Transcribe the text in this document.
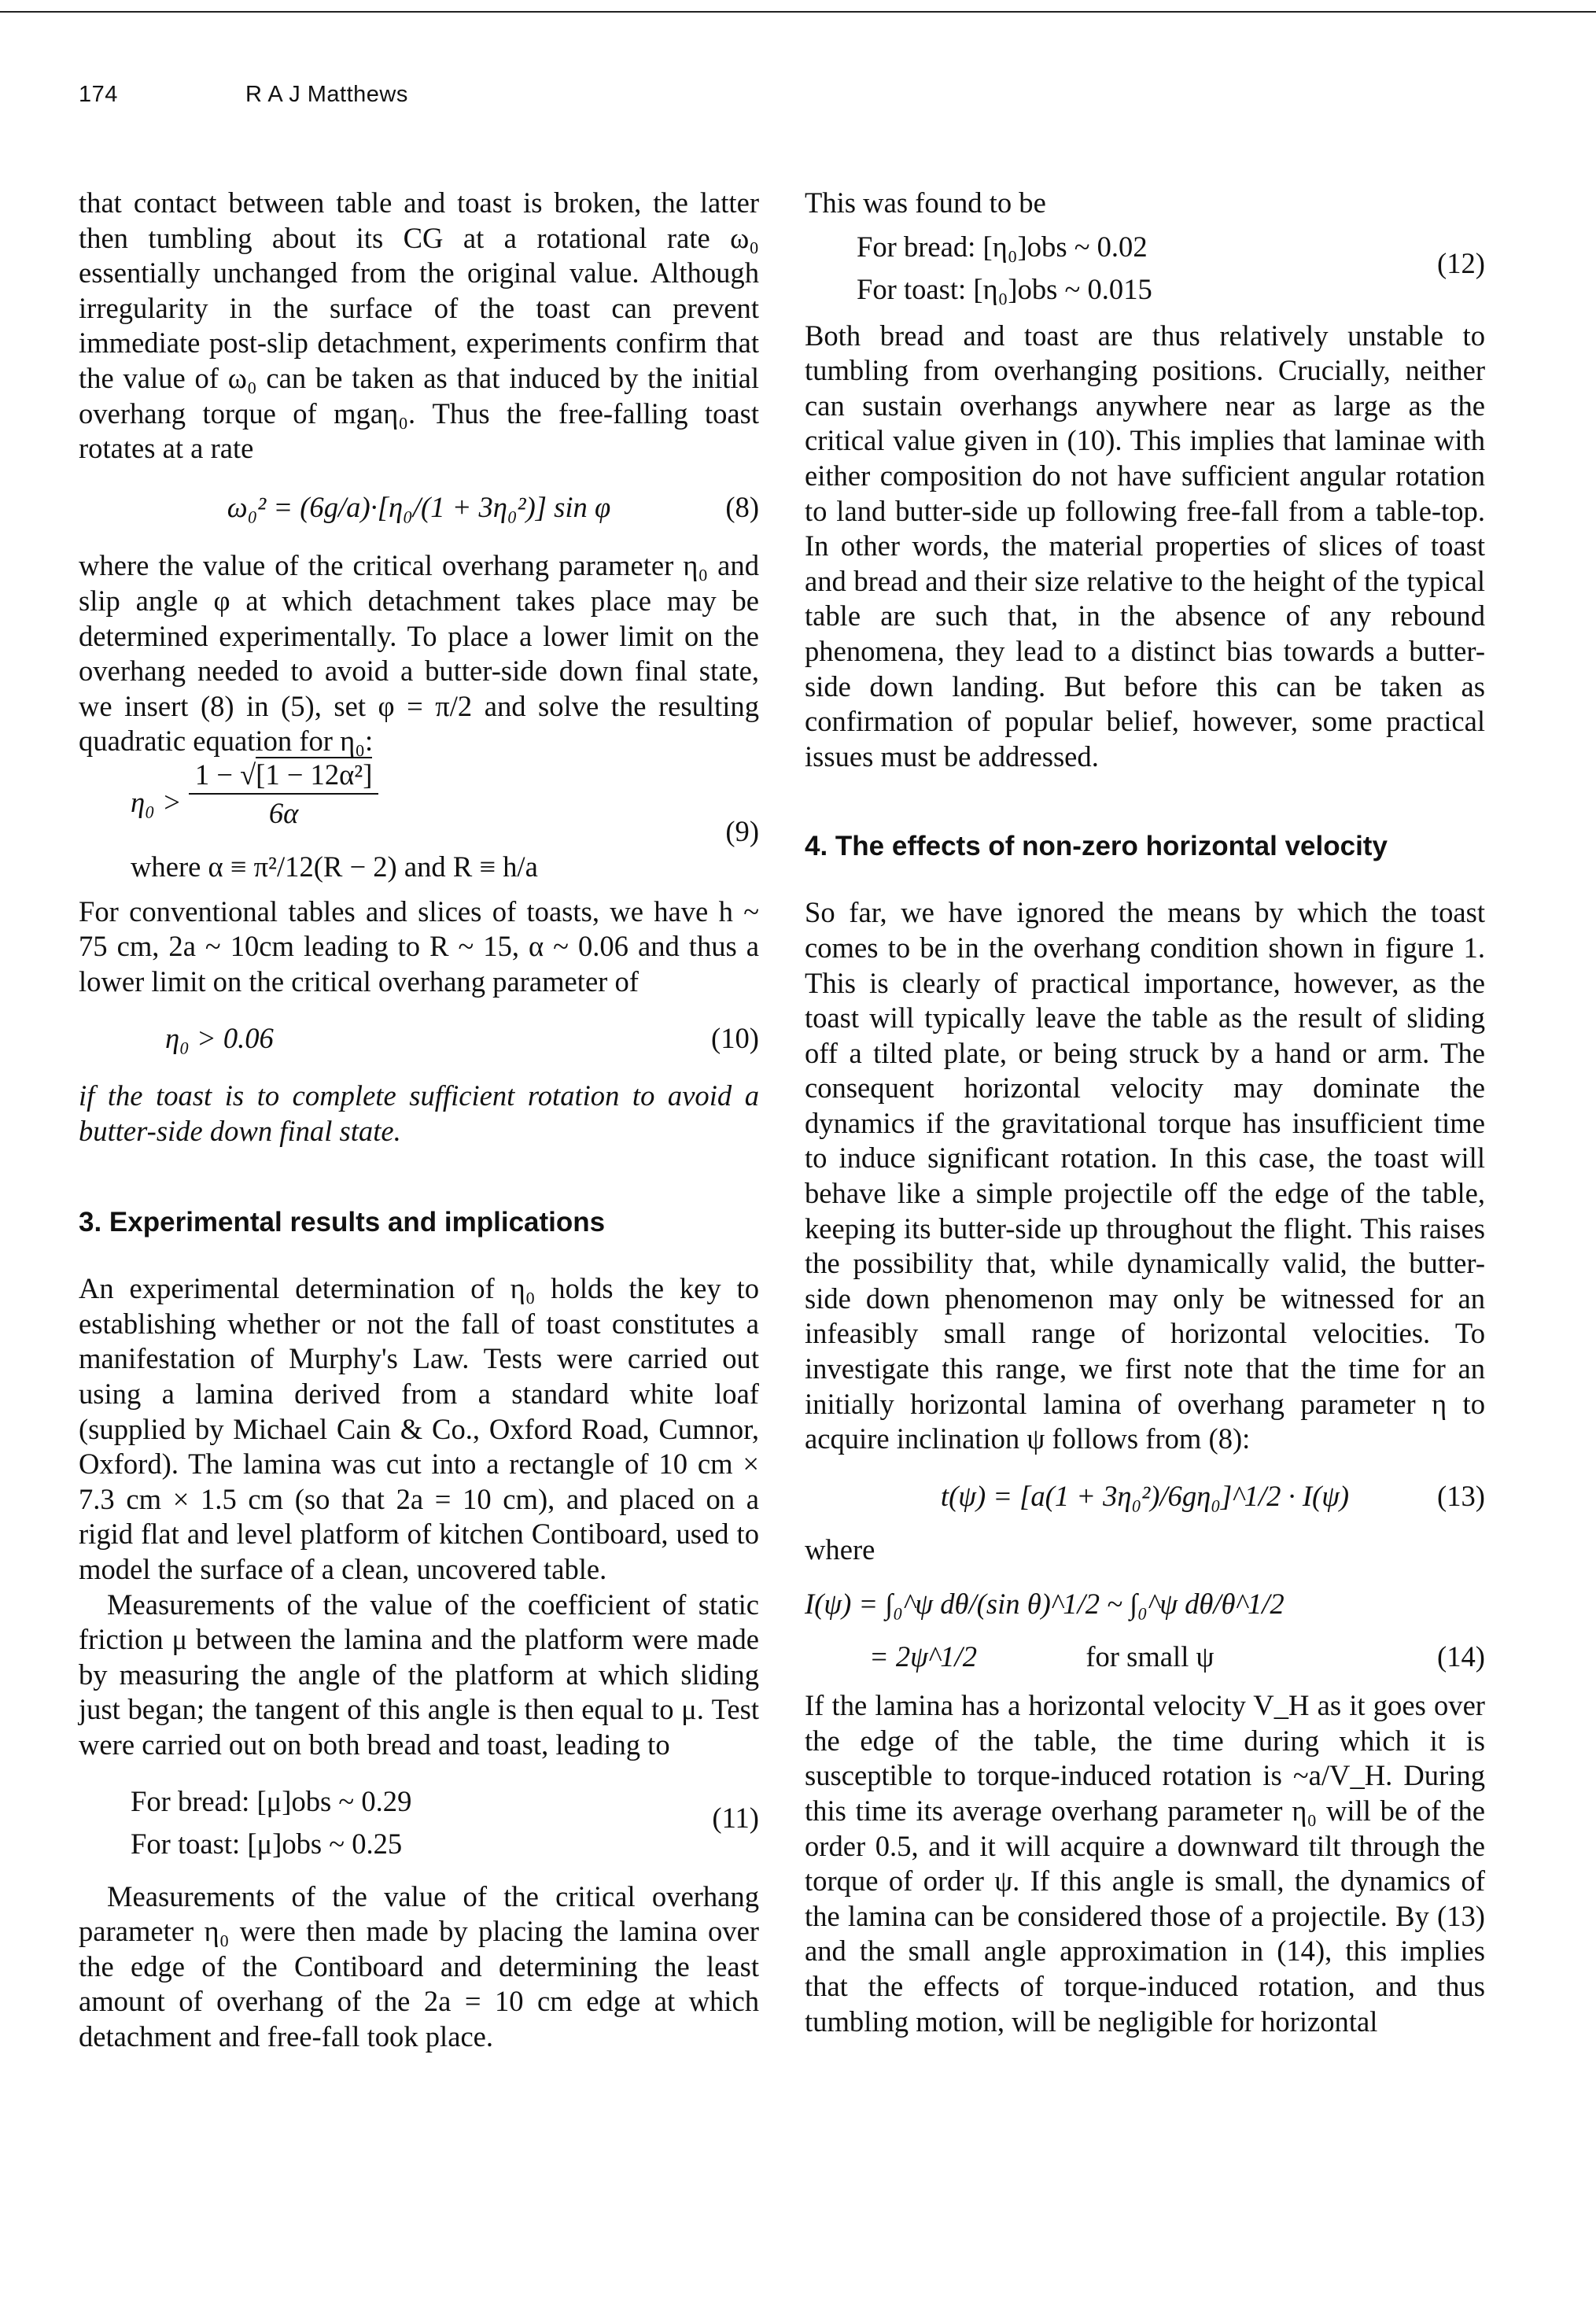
174	R A J Matthews

that contact between table and toast is broken, the latter then tumbling about its CG at a rotational rate ω₀ essentially unchanged from the original value. Although irregularity in the surface of the toast can prevent immediate post-slip detachment, experiments confirm that the value of ω₀ can be taken as that induced by the initial overhang torque of mgaη₀. Thus the free-falling toast rotates at a rate

ω₀² = (6g/a)·[η₀/(1 + 3η₀²)] sin φ	(8)

where the value of the critical overhang parameter η₀ and slip angle φ at which detachment takes place may be determined experimentally. To place a lower limit on the overhang needed to avoid a butter-side down final state, we insert (8) in (5), set φ = π/2 and solve the resulting quadratic equation for η₀:

$\eta_0 > \frac{\text{1 − √[1 − 12α²]}}{6\alpha}$
(9)
where α ≡ π²/12(R − 2) and R ≡ h/a

For conventional tables and slices of toasts, we have h ~ 75 cm, 2a ~ 10cm leading to R ~ 15, α ~ 0.06 and thus a lower limit on the critical overhang parameter of

η₀ > 0.06	(10)

if the toast is to complete sufficient rotation to avoid a butter-side down final state.

3. Experimental results and implications

An experimental determination of η₀ holds the key to establishing whether or not the fall of toast constitutes a manifestation of Murphy's Law. Tests were carried out using a lamina derived from a standard white loaf (supplied by Michael Cain & Co., Oxford Road, Cumnor, Oxford). The lamina was cut into a rectangle of 10 cm × 7.3 cm × 1.5 cm (so that 2a = 10 cm), and placed on a rigid flat and level platform of kitchen Contiboard, used to model the surface of a clean, uncovered table.

Measurements of the value of the coefficient of static friction μ between the lamina and the platform were made by measuring the angle of the platform at which sliding just began; the tangent of this angle is then equal to μ. Test were carried out on both bread and toast, leading to

For bread: [μ]obs ~ 0.29
For toast: [μ]obs ~ 0.25
(11)

Measurements of the value of the critical overhang parameter η₀ were then made by placing the lamina over the edge of the Contiboard and determining the least amount of overhang of the 2a = 10 cm edge at which detachment and free-fall took place.

This was found to be

For bread: [η₀]obs ~ 0.02
For toast: [η₀]obs ~ 0.015
(12)

Both bread and toast are thus relatively unstable to tumbling from overhanging positions. Crucially, neither can sustain overhangs anywhere near as large as the critical value given in (10). This implies that laminae with either composition do not have sufficient angular rotation to land butter-side up following free-fall from a table-top. In other words, the material properties of slices of toast and bread and their size relative to the height of the typical table are such that, in the absence of any rebound phenomena, they lead to a distinct bias towards a butter-side down landing. But before this can be taken as confirmation of popular belief, however, some practical issues must be addressed.

4. The effects of non-zero horizontal velocity

So far, we have ignored the means by which the toast comes to be in the overhang condition shown in figure 1. This is clearly of practical importance, however, as the toast will typically leave the table as the result of sliding off a tilted plate, or being struck by a hand or arm. The consequent horizontal velocity may dominate the dynamics if the gravitational torque has insufficient time to induce significant rotation. In this case, the toast will behave like a simple projectile off the edge of the table, keeping its butter-side up throughout the flight. This raises the possibility that, while dynamically valid, the butter-side down phenomenon may only be witnessed for an infeasibly small range of horizontal velocities. To investigate this range, we first note that the time for an initially horizontal lamina of overhang parameter η to acquire inclination ψ follows from (8):

t(ψ) = [a(1 + 3η₀²)/6gη₀]^1/2 · I(ψ)	(13)

where

I(ψ) = ∫₀^ψ dθ/(sin θ)^1/2 ~ ∫₀^ψ dθ/θ^1/2
= 2ψ^1/2	for small ψ	(14)

If the lamina has a horizontal velocity V_H as it goes over the edge of the table, the time during which it is susceptible to torque-induced rotation is ~a/V_H. During this time its average overhang parameter η₀ will be of the order 0.5, and it will acquire a downward tilt through the torque of order ψ. If this angle is small, the dynamics of the lamina can be considered those of a projectile. By (13) and the small angle approximation in (14), this implies that the effects of torque-induced rotation, and thus tumbling motion, will be negligible for horizontal
